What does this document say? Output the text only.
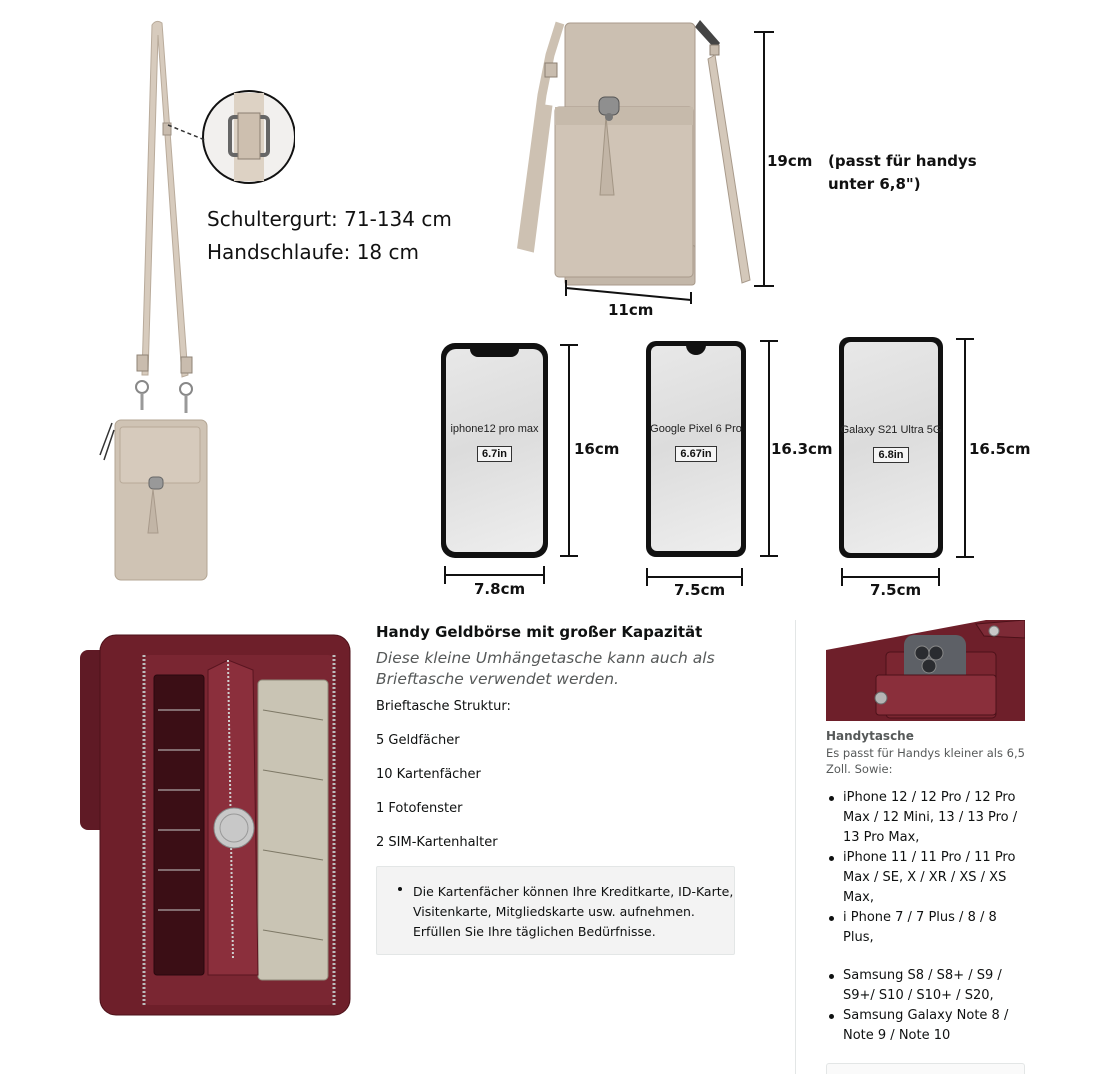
Schultergurt: 71-134 cm
Handschlaufe: 18 cm
19cm (passt für handys
unter 6,8")
11cm
iphone12 pro max
6.7in	16cm
7.8cm
Google Pixel 6 Pro
6.67in	16.3cm
7.5cm
Galaxy S21 Ultra 5G
6.8in	16.5cm
7.5cm
Handy Geldbörse mit großer Kapazität
Diese kleine Umhängetasche kann auch als Brieftasche verwendet werden.
Brieftasche Struktur:
5 Geldfächer
10 Kartenfächer
1 Fotofenster
2 SIM-Kartenhalter
Die Kartenfächer können Ihre Kreditkarte, ID-Karte,
Visitenkarte, Mitgliedskarte usw. aufnehmen.
Erfüllen Sie Ihre täglichen Bedürfnisse.
Handytasche
Es passt für Handys kleiner als 6,5 Zoll. Sowie:
iPhone 12 / 12 Pro / 12 Pro Max / 12 Mini, 13 / 13 Pro / 13 Pro Max,
iPhone 11 / 11 Pro / 11 Pro Max / SE, X / XR / XS / XS Max,
i Phone 7 / 7 Plus / 8 / 8 Plus,
Samsung S8 / S8+ / S9 / S9+/ S10 / S10+ / S20,
Samsung Galaxy Note 8 / Note 9 / Note 10
